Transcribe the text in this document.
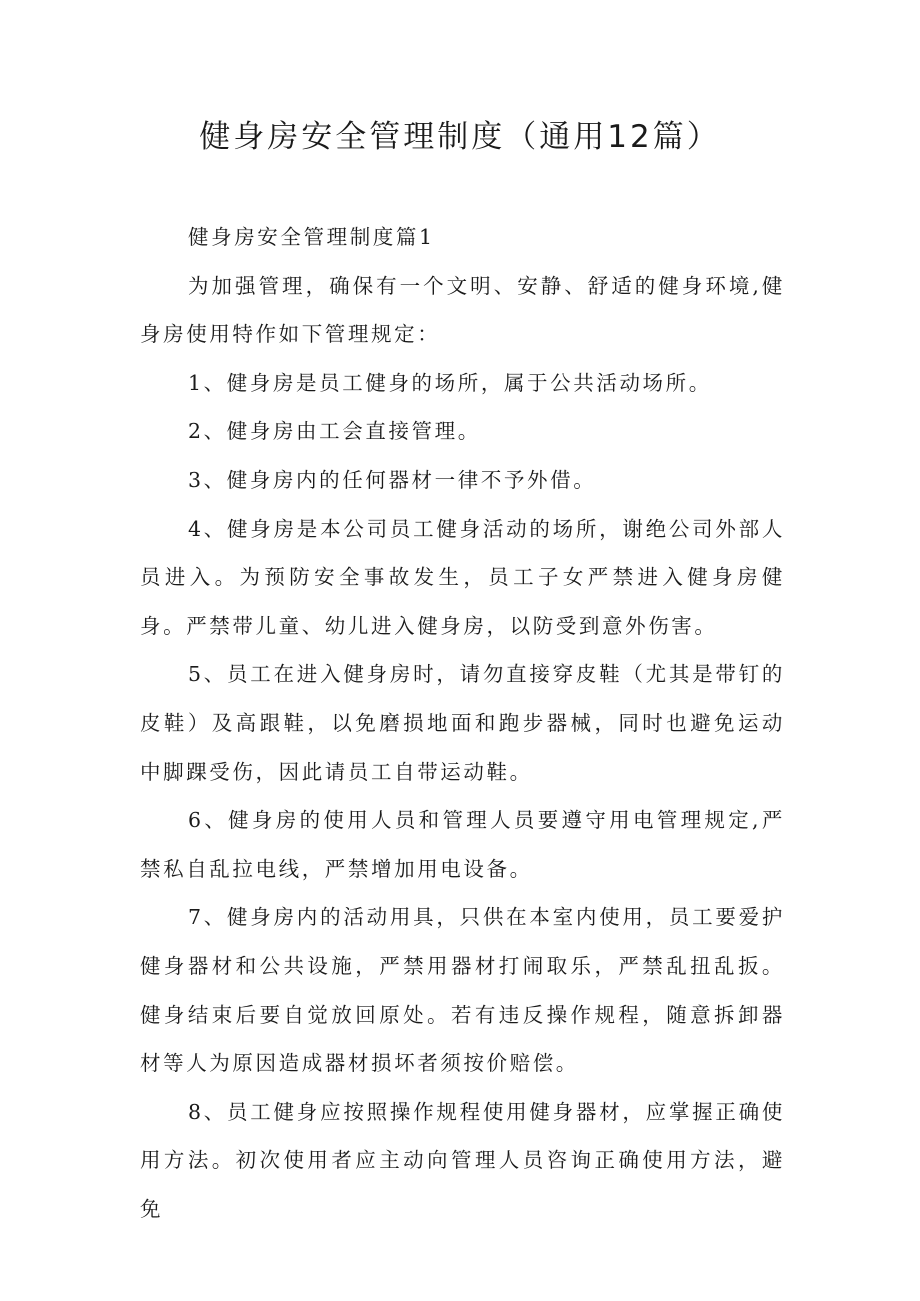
健身房安全管理制度（通用12篇）

健身房安全管理制度篇1

为加强管理，确保有一个文明、安静、舒适的健身环境,健身房使用特作如下管理规定：

1、健身房是员工健身的场所，属于公共活动场所。

2、健身房由工会直接管理。

3、健身房内的任何器材一律不予外借。

4、健身房是本公司员工健身活动的场所，谢绝公司外部人员进入。为预防安全事故发生，员工子女严禁进入健身房健身。严禁带儿童、幼儿进入健身房，以防受到意外伤害。

5、员工在进入健身房时，请勿直接穿皮鞋（尤其是带钉的皮鞋）及高跟鞋，以免磨损地面和跑步器械，同时也避免运动中脚踝受伤，因此请员工自带运动鞋。

6、健身房的使用人员和管理人员要遵守用电管理规定,严禁私自乱拉电线，严禁增加用电设备。

7、健身房内的活动用具，只供在本室内使用，员工要爱护健身器材和公共设施，严禁用器材打闹取乐，严禁乱扭乱扳。健身结束后要自觉放回原处。若有违反操作规程，随意拆卸器材等人为原因造成器材损坏者须按价赔偿。

8、员工健身应按照操作规程使用健身器材，应掌握正确使用方法。初次使用者应主动向管理人员咨询正确使用方法，避免
